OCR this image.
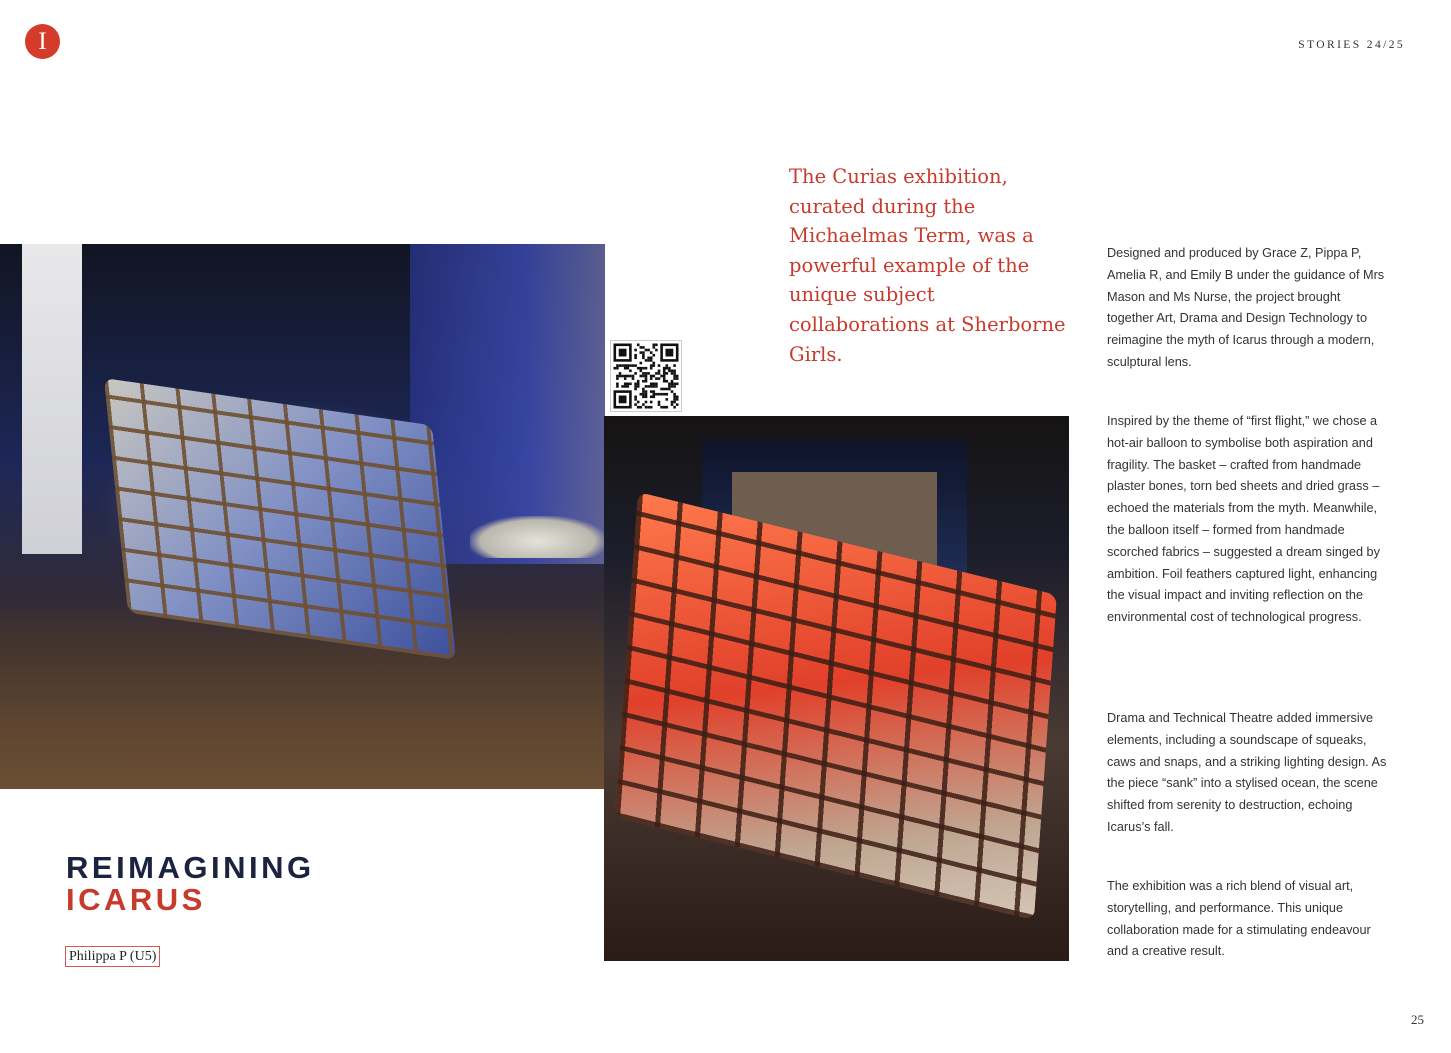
I	STORIES 24/25

The Curias exhibition, curated during the Michaelmas Term, was a powerful example of the unique subject collaborations at Sherborne Girls.

REIMAGINING
ICARUS
Philippa P (U5)

Designed and produced by Grace Z, Pippa P, Amelia R, and Emily B under the guidance of Mrs Mason and Ms Nurse, the project brought together Art, Drama and Design Technology to reimagine the myth of Icarus through a modern, sculptural lens.

Inspired by the theme of “first flight,” we chose a hot-air balloon to symbolise both aspiration and fragility. The basket – crafted from handmade plaster bones, torn bed sheets and dried grass – echoed the materials from the myth. Meanwhile, the balloon itself – formed from handmade scorched fabrics – suggested a dream singed by ambition. Foil feathers captured light, enhancing the visual impact and inviting reflection on the environmental cost of technological progress.

Drama and Technical Theatre added immersive elements, including a soundscape of squeaks, caws and snaps, and a striking lighting design. As the piece “sank” into a stylised ocean, the scene shifted from serenity to destruction, echoing Icarus’s fall.

The exhibition was a rich blend of visual art, storytelling, and performance. This unique collaboration made for a stimulating endeavour and a creative result.

25
